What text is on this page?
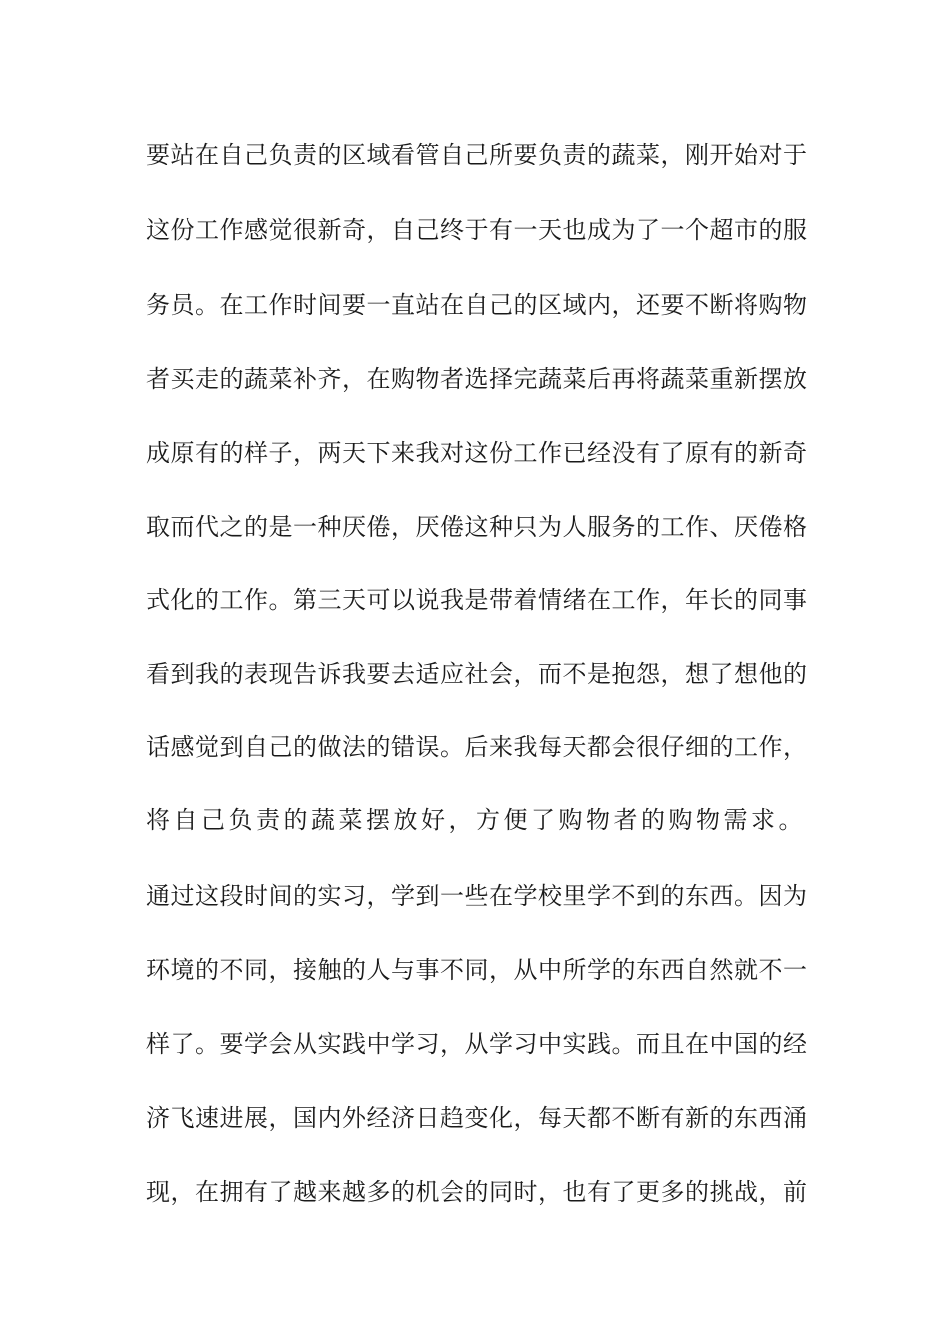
要站在自己负责的区域看管自己所要负责的蔬菜，刚开始对于
这份工作感觉很新奇，自己终于有一天也成为了一个超市的服
务员。在工作时间要一直站在自己的区域内，还要不断将购物
者买走的蔬菜补齐，在购物者选择完蔬菜后再将蔬菜重新摆放
成原有的样子，两天下来我对这份工作已经没有了原有的新奇
取而代之的是一种厌倦，厌倦这种只为人服务的工作、厌倦格
式化的工作。第三天可以说我是带着情绪在工作，年长的同事
看到我的表现告诉我要去适应社会，而不是抱怨，想了想他的
话感觉到自己的做法的错误。后来我每天都会很仔细的工作，
将自己负责的蔬菜摆放好，方便了购物者的购物需求。
通过这段时间的实习，学到一些在学校里学不到的东西。因为
环境的不同，接触的人与事不同，从中所学的东西自然就不一
样了。要学会从实践中学习，从学习中实践。而且在中国的经
济飞速进展，国内外经济日趋变化，每天都不断有新的东西涌
现，在拥有了越来越多的机会的同时，也有了更多的挑战，前
